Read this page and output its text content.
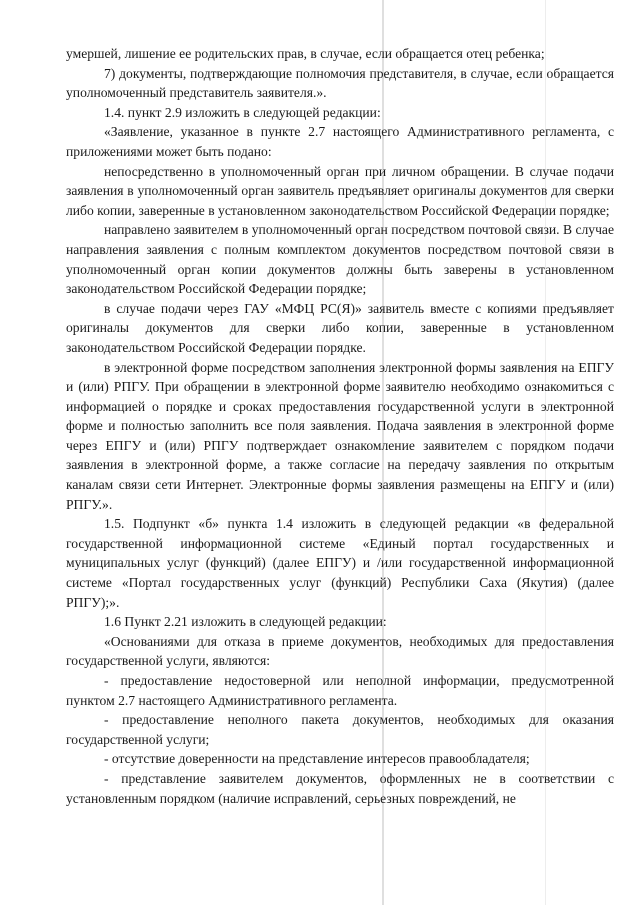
умершей, лишение ее родительских прав, в случае, если обращается отец ребенка;

7) документы, подтверждающие полномочия представителя, в случае, если обращается уполномоченный представитель заявителя.».

1.4. пункт 2.9 изложить в следующей редакции:

«Заявление, указанное в пункте 2.7 настоящего Административного регламента, с приложениями может быть подано:

непосредственно в уполномоченный орган при личном обращении. В случае подачи заявления в уполномоченный орган заявитель предъявляет оригиналы документов для сверки либо копии, заверенные в установленном законодательством Российской Федерации порядке;

направлено заявителем в уполномоченный орган посредством почтовой связи. В случае направления заявления с полным комплектом документов посредством почтовой связи в уполномоченный орган копии документов должны быть заверены в установленном законодательством Российской Федерации порядке;

в случае подачи через ГАУ «МФЦ РС(Я)» заявитель вместе с копиями предъявляет оригиналы документов для сверки либо копии, заверенные в установленном законодательством Российской Федерации порядке.

в электронной форме посредством заполнения электронной формы заявления на ЕПГУ и (или) РПГУ. При обращении в электронной форме заявителю необходимо ознакомиться с информацией о порядке и сроках предоставления государственной услуги в электронной форме и полностью заполнить все поля заявления. Подача заявления в электронной форме через ЕПГУ и (или) РПГУ подтверждает ознакомление заявителем с порядком подачи заявления в электронной форме, а также согласие на передачу заявления по открытым каналам связи сети Интернет. Электронные формы заявления размещены на ЕПГУ и (или) РПГУ.».

1.5. Подпункт «б» пункта 1.4 изложить в следующей редакции «в федеральной государственной информационной системе «Единый портал государственных и муниципальных услуг (функций) (далее ЕПГУ) и /или государственной информационной системе «Портал государственных услуг (функций) Республики Саха (Якутия) (далее РПГУ);».

1.6 Пункт 2.21 изложить в следующей редакции:

«Основаниями для отказа в приеме документов, необходимых для предоставления государственной услуги, являются:

- предоставление недостоверной или неполной информации, предусмотренной пунктом 2.7 настоящего Административного регламента.

- предоставление неполного пакета документов, необходимых для оказания государственной услуги;

- отсутствие доверенности на представление интересов правообладателя;

- представление заявителем документов, оформленных не в соответствии с установленным порядком (наличие исправлений, серьезных повреждений, не
